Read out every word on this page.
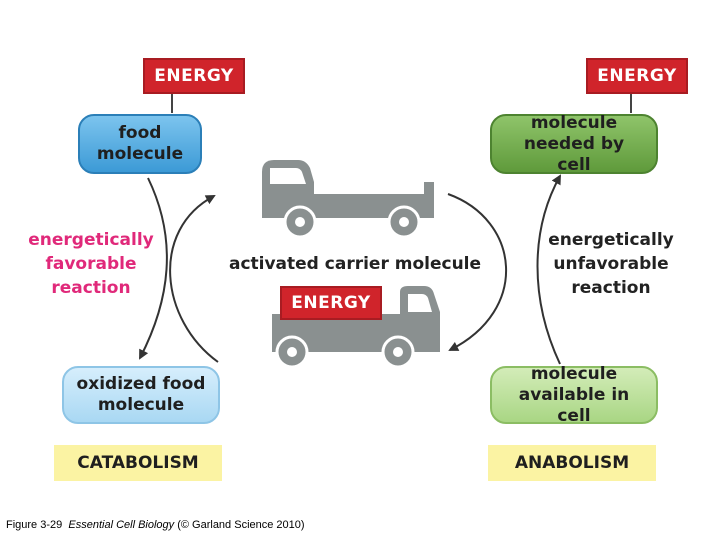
ENERGY	ENERGY
food molecule
oxidized food molecule
molecule needed by cell
molecule available in cell
energetically favorable reaction
energetically unfavorable reaction
activated carrier molecule
ENERGY
CATABOLISM	ANABOLISM
Figure 3-29  Essential Cell Biology (© Garland Science 2010)
